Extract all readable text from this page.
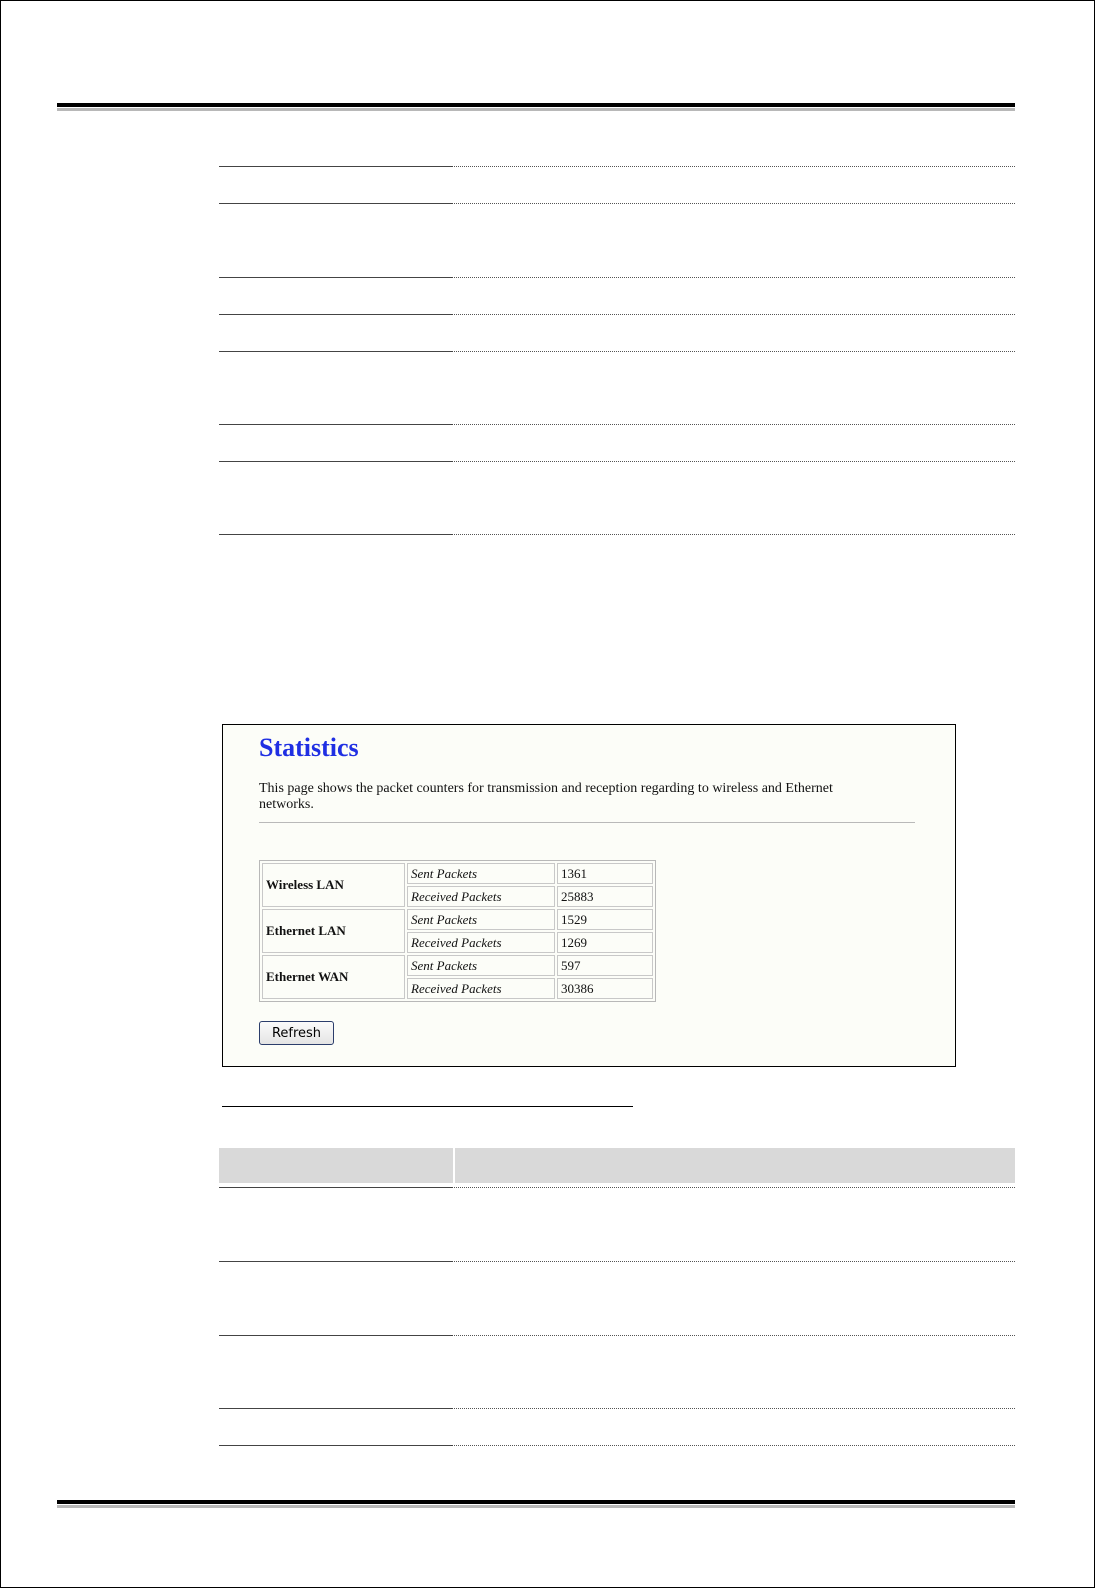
Statistics

This page shows the packet counters for transmission and reception regarding to wireless and Ethernet networks.

Wireless LAN	Sent Packets	1361
	Received Packets	25883
Ethernet LAN	Sent Packets	1529
	Received Packets	1269
Ethernet WAN	Sent Packets	597
	Received Packets	30386
Refresh
